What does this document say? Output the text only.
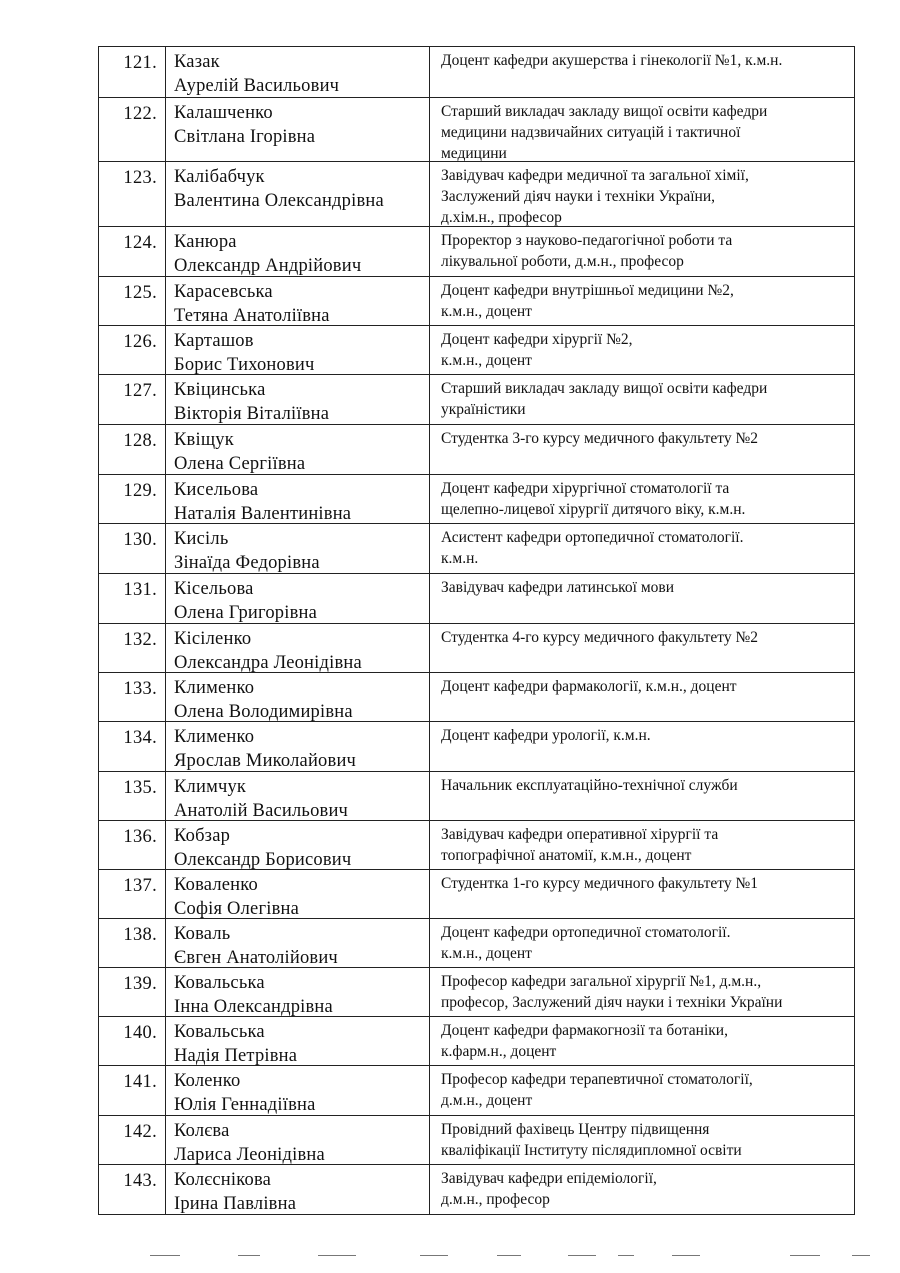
121. Казак
Аурелій Васильович
Доцент кафедри акушерства і гінекології №1, к.м.н.
122. Калашченко
Світлана Ігорівна
Старший викладач закладу вищої освіти кафедри
медицини надзвичайних ситуацій і тактичної
медицини
123. Калібабчук
Валентина Олександрівна
Завідувач кафедри медичної та загальної хімії,
Заслужений діяч науки і техніки України,
д.хім.н., професор
124. Канюра
Олександр Андрійович
Проректор з науково-педагогічної роботи та
лікувальної роботи, д.м.н., професор
125. Карасевська
Тетяна Анатоліївна
Доцент кафедри внутрішньої медицини №2,
к.м.н., доцент
126. Карташов
Борис Тихонович
Доцент кафедри хірургії №2,
к.м.н., доцент
127. Квіцинська
Вікторія Віталіївна
Старший викладач закладу вищої освіти кафедри
українiстики
128. Квіщук
Олена Сергіївна
Студентка 3-го курсу медичного факультету №2
129. Кисельова
Наталія Валентинівна
Доцент кафедри хірургічної стоматології та
щелепно-лицевої хірургії дитячого віку, к.м.н.
130. Кисіль
Зінаїда Федорівна
Асистент кафедри ортопедичної стоматології.
к.м.н.
131. Кісельова
Олена Григорівна
Завідувач кафедри латинської мови
132. Кісіленко
Олександра Леонідівна
Студентка 4-го курсу медичного факультету №2
133. Клименко
Олена Володимирівна
Доцент кафедри фармакології, к.м.н., доцент
134. Клименко
Ярослав Миколайович
Доцент кафедри урології, к.м.н.
135. Климчук
Анатолій Васильович
Начальник експлуатаційно-технічної служби
136. Кобзар
Олександр Борисович
Завідувач кафедри оперативної хірургії та
топографічної анатомії, к.м.н., доцент
137. Коваленко
Софія Олегівна
Студентка 1-го курсу медичного факультету №1
138. Коваль
Євген Анатолійович
Доцент кафедри ортопедичної стоматології.
к.м.н., доцент
139. Ковальська
Інна Олександрівна
Професор кафедри загальної хірургії №1, д.м.н.,
професор, Заслужений діяч науки і техніки України
140. Ковальська
Надія Петрівна
Доцент кафедри фармакогнозії та ботаніки,
к.фарм.н., доцент
141. Коленко
Юлія Геннадіївна
Професор кафедри терапевтичної стоматології,
д.м.н., доцент
142. Колєва
Лариса Леонідівна
Провідний фахівець Центру підвищення
кваліфікації Інституту післядипломної освіти
143. Колєснікова
Ірина Павлівна
Завідувач кафедри епідеміології,
д.м.н., професор
